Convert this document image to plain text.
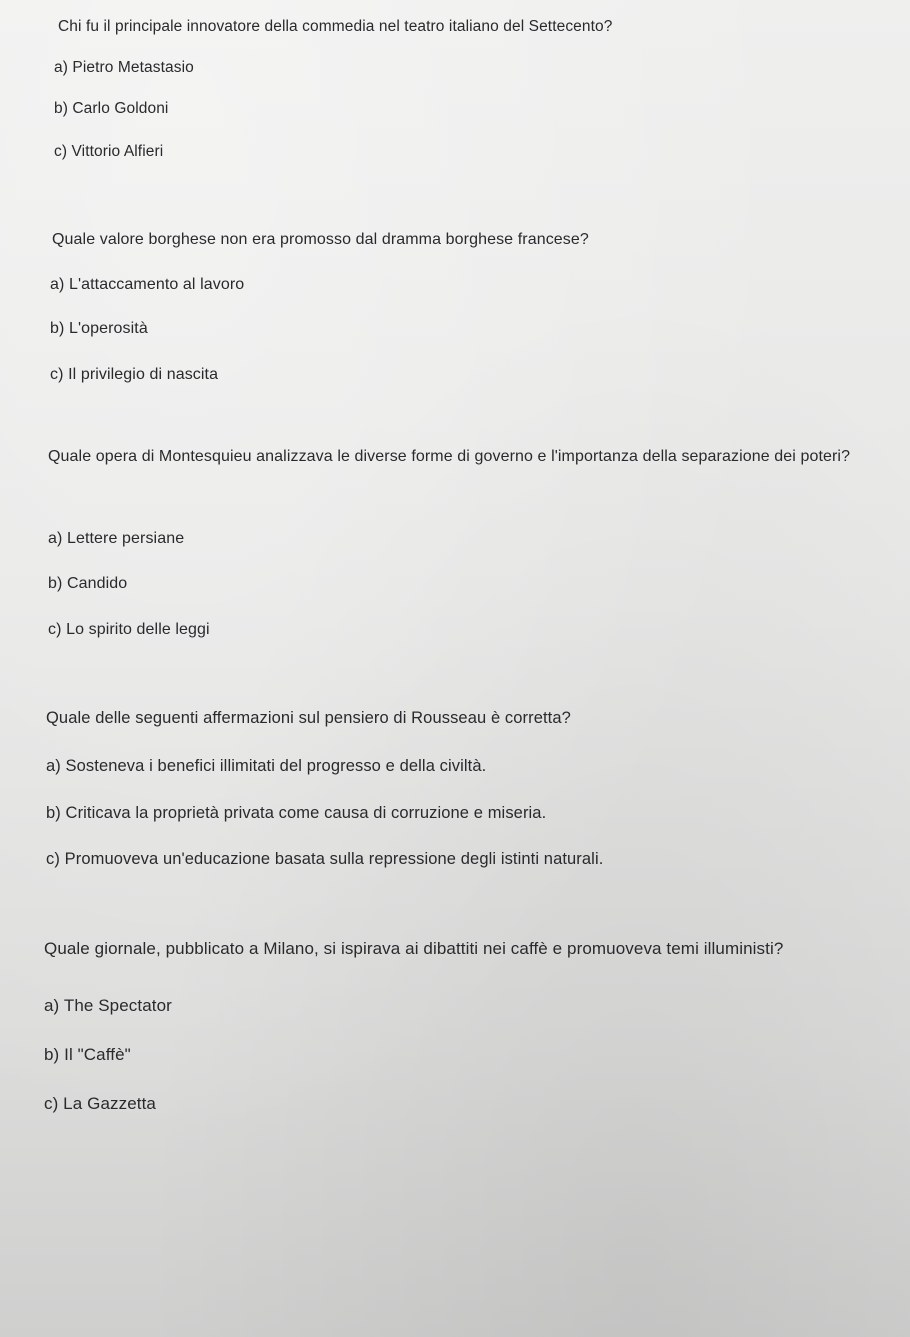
Chi fu il principale innovatore della commedia nel teatro italiano del Settecento?
a) Pietro Metastasio
b) Carlo Goldoni
c) Vittorio Alfieri
Quale valore borghese non era promosso dal dramma borghese francese?
a) L'attaccamento al lavoro
b) L'operosità
c) Il privilegio di nascita
Quale opera di Montesquieu analizzava le diverse forme di governo e l'importanza della separazione dei poteri?
a) Lettere persiane
b) Candido
c) Lo spirito delle leggi
Quale delle seguenti affermazioni sul pensiero di Rousseau è corretta?
a) Sosteneva i benefici illimitati del progresso e della civiltà.
b) Criticava la proprietà privata come causa di corruzione e miseria.
c) Promuoveva un'educazione basata sulla repressione degli istinti naturali.
Quale giornale, pubblicato a Milano, si ispirava ai dibattiti nei caffè e promuoveva temi illuministi?
a) The Spectator
b) Il "Caffè"
c) La Gazzetta
